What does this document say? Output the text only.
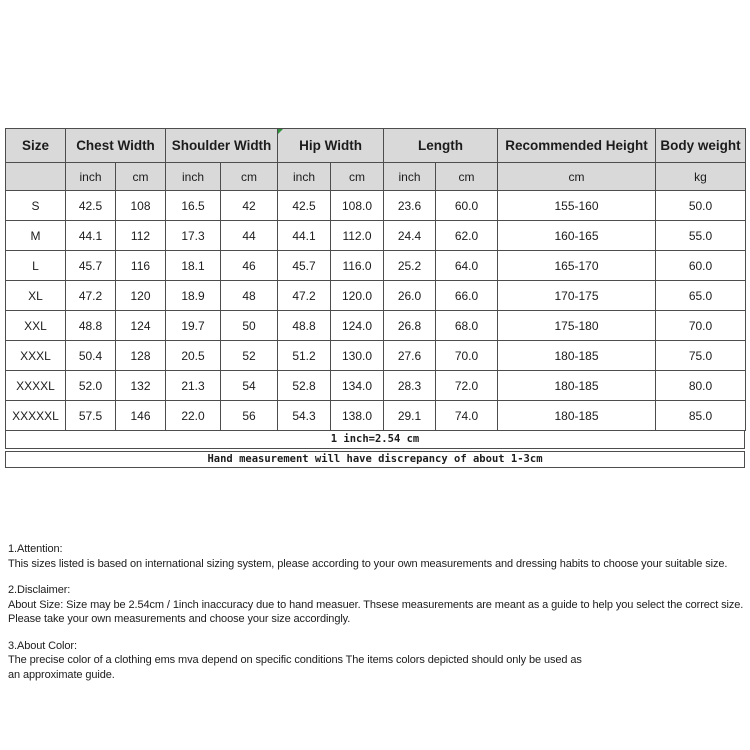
Size	Chest Width		Shoulder Width		Hip Width		Length		Recommended Height	Body weight
	inch	cm	inch	cm	inch	cm	inch	cm	cm	kg
S	42.5	108	16.5	42	42.5	108.0	23.6	60.0	155-160	50.0
M	44.1	112	17.3	44	44.1	112.0	24.4	62.0	160-165	55.0
L	45.7	116	18.1	46	45.7	116.0	25.2	64.0	165-170	60.0
XL	47.2	120	18.9	48	47.2	120.0	26.0	66.0	170-175	65.0
XXL	48.8	124	19.7	50	48.8	124.0	26.8	68.0	175-180	70.0
XXXL	50.4	128	20.5	52	51.2	130.0	27.6	70.0	180-185	75.0
XXXXL	52.0	132	21.3	54	52.8	134.0	28.3	72.0	180-185	80.0
XXXXXL	57.5	146	22.0	56	54.3	138.0	29.1	74.0	180-185	85.0
1 inch=2.54 cm
Hand measurement will have discrepancy of about 1-3cm
1.Attention:
This sizes listed is based on international sizing system, please according to your own measurements and dressing habits to choose your suitable size.
2.Disclaimer:
About Size: Size may be 2.54cm / 1inch inaccuracy due to hand measuer. Thsese measurements are meant as a guide to help you select the correct size.
Please take your own measurements and choose your size accordingly.
3.About Color:
The precise color of a clothing ems mva depend on specific conditions The items colors depicted should only be used as
an approximate guide.
